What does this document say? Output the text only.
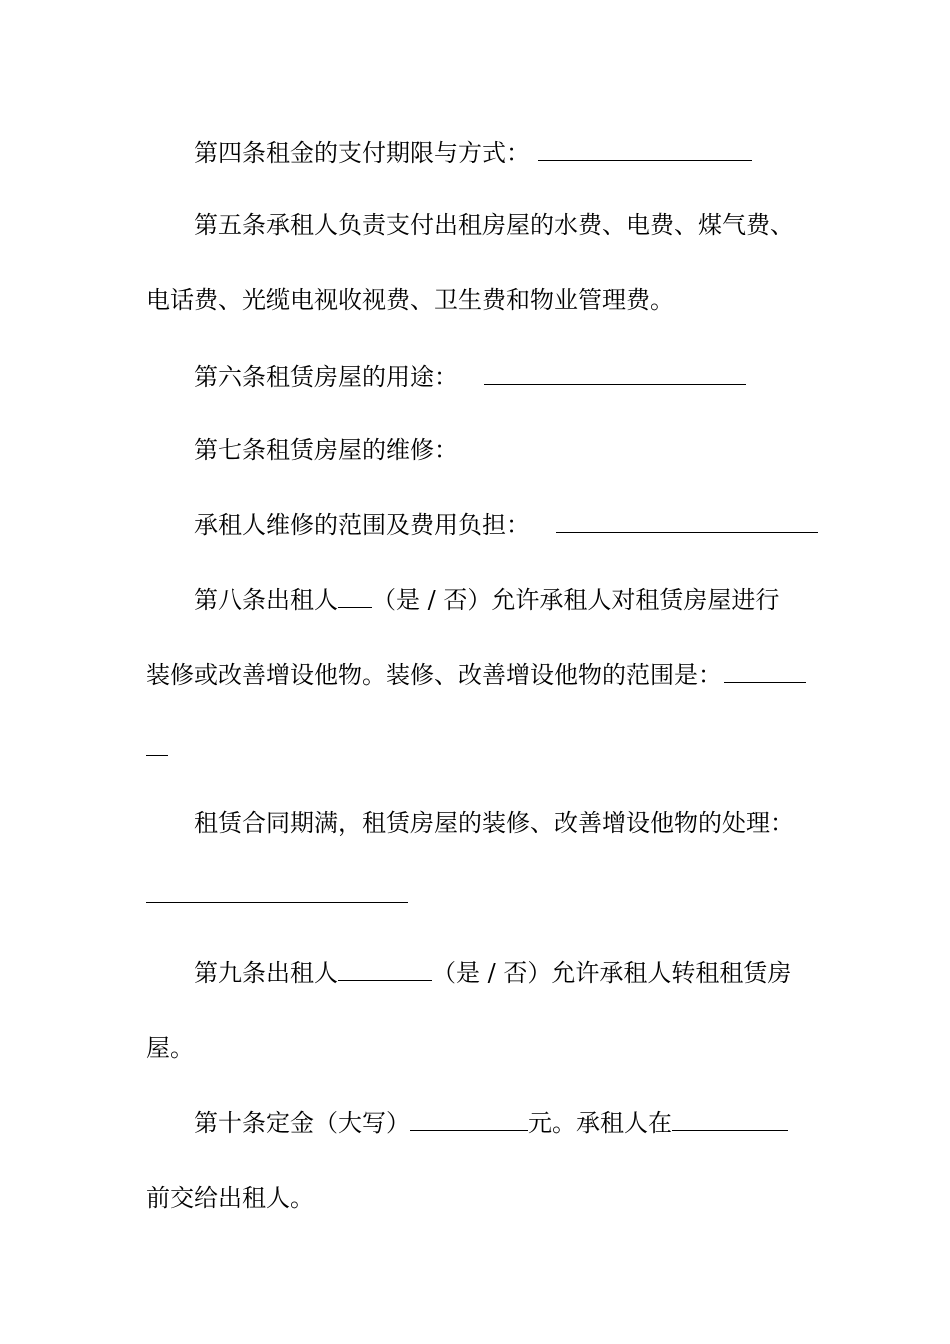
第四条租金的支付期限与方式：
第五条承租人负责支付出租房屋的水费、电费、煤气费、
电话费、光缆电视收视费、卫生费和物业管理费。
第六条租赁房屋的用途：
第七条租赁房屋的维修：
承租人维修的范围及费用负担：
第八条出租人 （是 / 否）允许承租人对租赁房屋进行
装修或改善增设他物。装修、改善增设他物的范围是：
租赁合同期满，租赁房屋的装修、改善增设他物的处理：
第九条出租人	（是 / 否）允许承租人转租租赁房
屋。
第十条定金（大写）	元。承租人在
前交给出租人。
